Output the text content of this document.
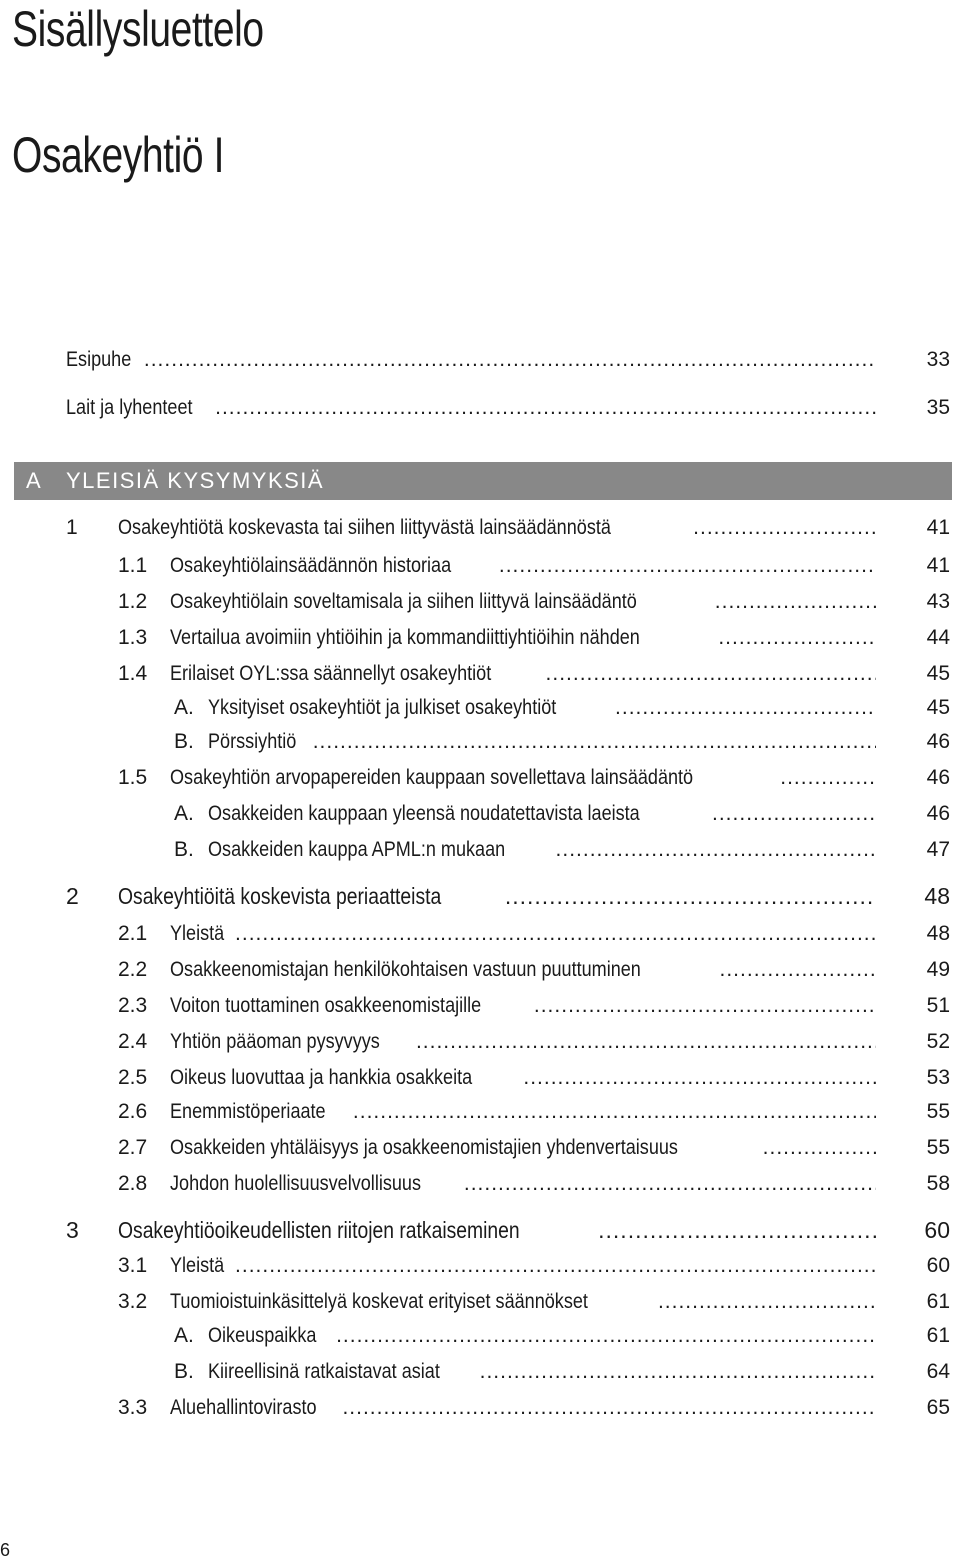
Sisällysluettelo
Osakeyhtiö I
Esipuhe .....	33
Lait ja lyhenteet .....	35
A YLEISIÄ KYSYMYKSIÄ
1 Osakeyhtiötä koskevasta tai siihen liittyvästä lainsäädännöstä .....	41
1.1 Osakeyhtiölainsäädännön historiaa .....	41
1.2 Osakeyhtiölain soveltamisala ja siihen liittyvä lainsäädäntö .....	43
1.3 Vertailua avoimiin yhtiöihin ja kommandiittiyhtiöihin nähden .....	44
1.4 Erilaiset OYL:ssa säännellyt osakeyhtiöt .....	45
A. Yksityiset osakeyhtiöt ja julkiset osakeyhtiöt .....	45
B. Pörssiyhtiö .....	46
1.5 Osakeyhtiön arvopapereiden kauppaan sovellettava lainsäädäntö .....	46
A. Osakkeiden kauppaan yleensä noudatettavista laeista .....	46
B. Osakkeiden kauppa APML:n mukaan .....	47
2 Osakeyhtiöitä koskevista periaatteista .....	48
2.1 Yleistä .....	48
2.2 Osakkeenomistajan henkilökohtaisen vastuun puuttuminen .....	49
2.3 Voiton tuottaminen osakkeenomistajille .....	51
2.4 Yhtiön pääoman pysyvyys .....	52
2.5 Oikeus luovuttaa ja hankkia osakkeita .....	53
2.6 Enemmistöperiaate .....	55
2.7 Osakkeiden yhtäläisyys ja osakkeenomistajien yhdenvertaisuus .....	55
2.8 Johdon huolellisuusvelvollisuus .....	58
3 Osakeyhtiöoikeudellisten riitojen ratkaiseminen .....	60
3.1 Yleistä .....	60
3.2 Tuomioistuinkäsittelyä koskevat erityiset säännökset .....	61
A. Oikeuspaikka .....	61
B. Kiireellisinä ratkaistavat asiat .....	64
3.3 Aluehallintovirasto .....	65
6
